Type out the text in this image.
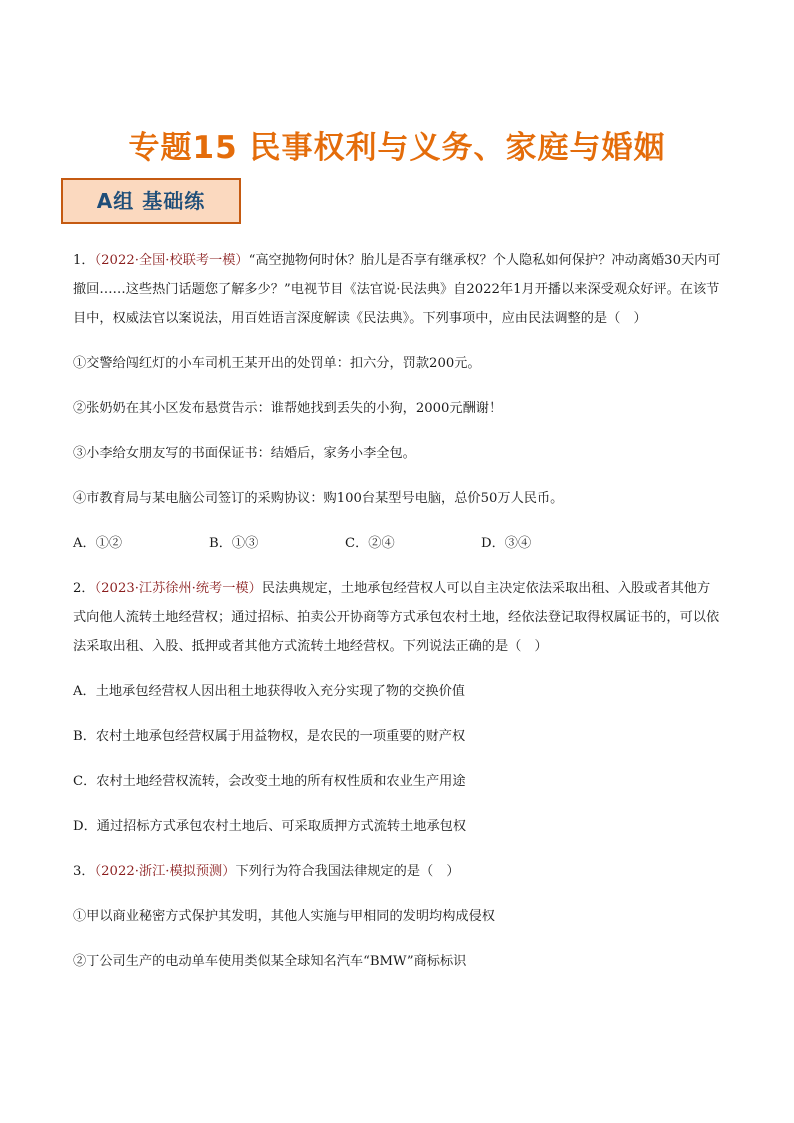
专题15 民事权利与义务、家庭与婚姻
A组 基础练

1．（2022·全国·校联考一模）“高空抛物何时休？胎儿是否享有继承权？个人隐私如何保护？冲动离婚30天内可撤回……这些热门话题您了解多少？”电视节目《法官说·民法典》自2022年1月开播以来深受观众好评。在该节目中，权威法官以案说法，用百姓语言深度解读《民法典》。下列事项中，应由民法调整的是（　）

①交警给闯红灯的小车司机王某开出的处罚单：扣六分，罚款200元。

②张奶奶在其小区发布悬赏告示：谁帮她找到丢失的小狗，2000元酬谢！

③小李给女朋友写的书面保证书：结婚后，家务小李全包。

④市教育局与某电脑公司签订的采购协议：购100台某型号电脑，总价50万人民币。

A．①②	B．①③	C．②④	D．③④

2．（2023·江苏徐州·统考一模）民法典规定，土地承包经营权人可以自主决定依法采取出租、入股或者其他方式向他人流转土地经营权；通过招标、拍卖公开协商等方式承包农村土地，经依法登记取得权属证书的，可以依法采取出租、入股、抵押或者其他方式流转土地经营权。下列说法正确的是（　）

A．土地承包经营权人因出租土地获得收入充分实现了物的交换价值

B．农村土地承包经营权属于用益物权，是农民的一项重要的财产权

C．农村土地经营权流转，会改变土地的所有权性质和农业生产用途

D．通过招标方式承包农村土地后、可采取质押方式流转土地承包权

3．（2022·浙江·模拟预测）下列行为符合我国法律规定的是（　）

①甲以商业秘密方式保护其发明，其他人实施与甲相同的发明均构成侵权

②丁公司生产的电动单车使用类似某全球知名汽车“BMW”商标标识
